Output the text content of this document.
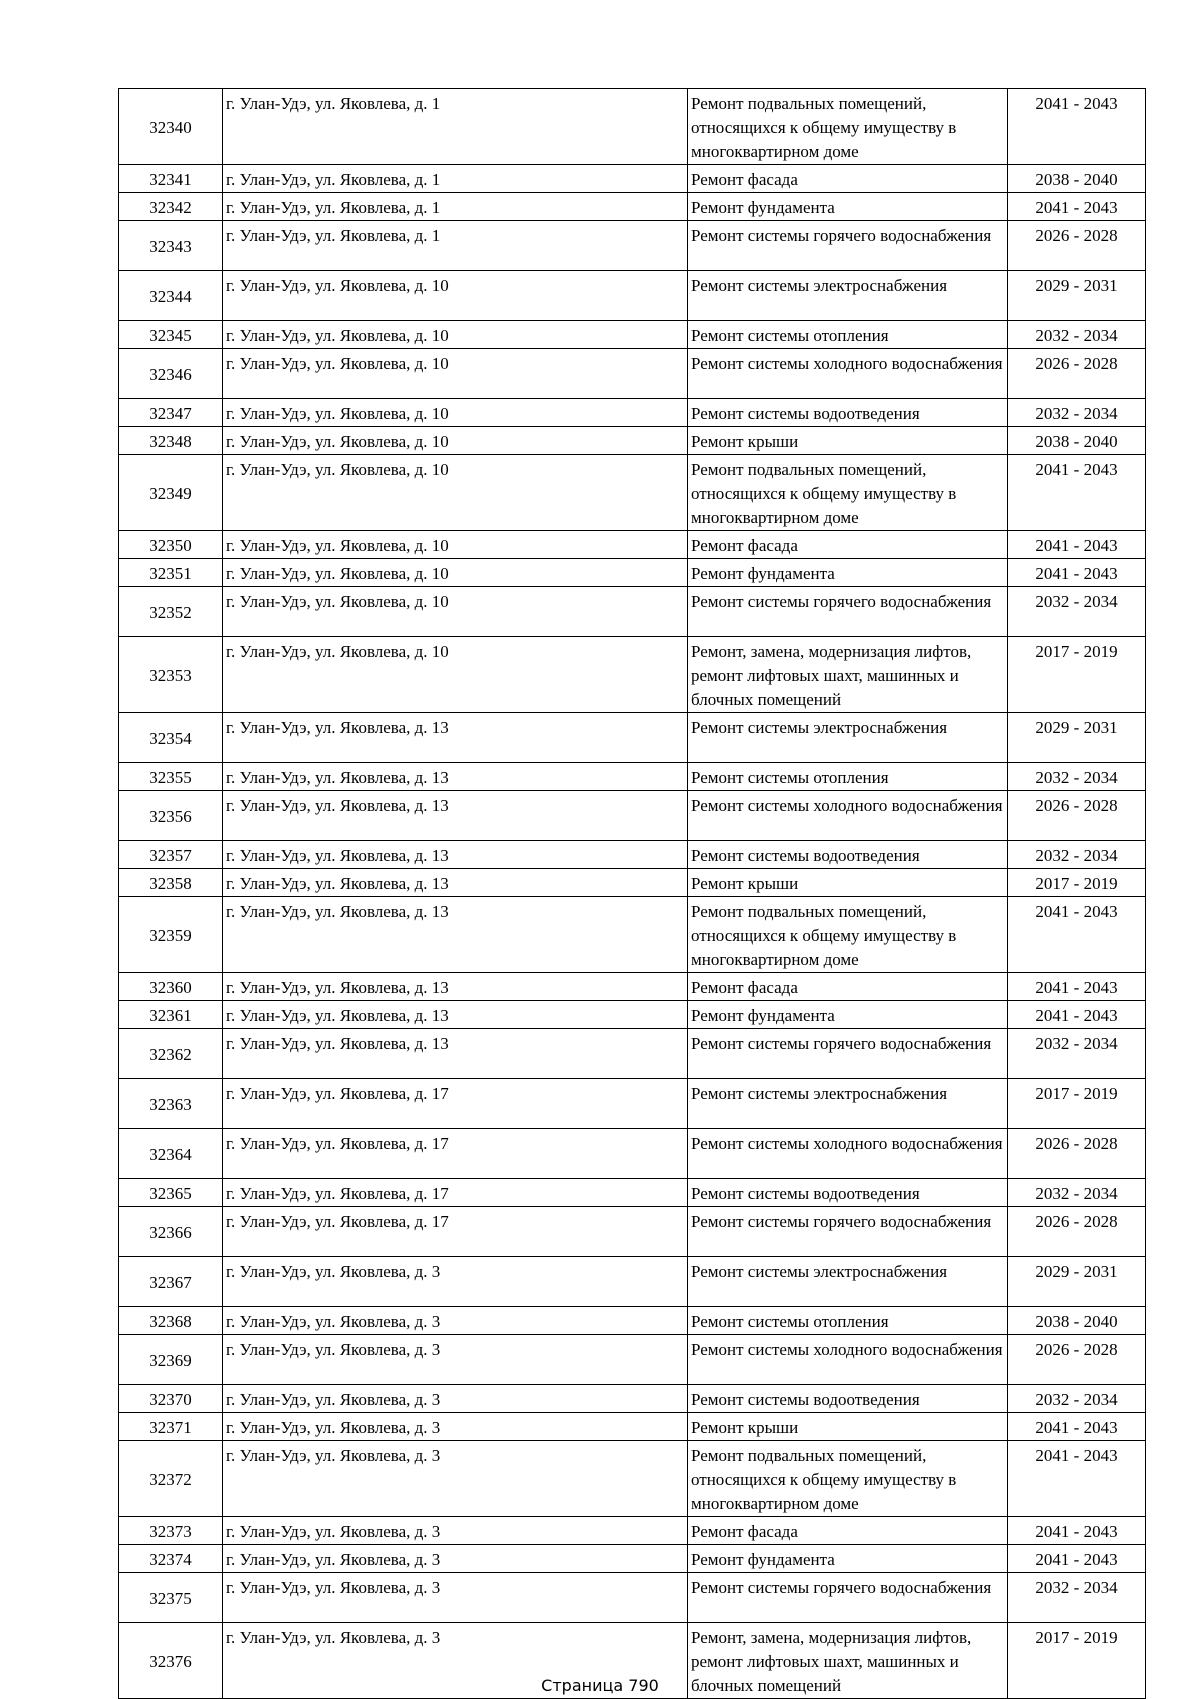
32340	г. Улан-Удэ, ул. Яковлева, д. 1	Ремонт подвальных помещений, относящихся к общему имуществу в многоквартирном доме	2041 - 2043
32341	г. Улан-Удэ, ул. Яковлева, д. 1	Ремонт фасада	2038 - 2040
32342	г. Улан-Удэ, ул. Яковлева, д. 1	Ремонт фундамента	2041 - 2043
32343	г. Улан-Удэ, ул. Яковлева, д. 1	Ремонт системы горячего водоснабжения	2026 - 2028
32344	г. Улан-Удэ, ул. Яковлева, д. 10	Ремонт системы электроснабжения	2029 - 2031
32345	г. Улан-Удэ, ул. Яковлева, д. 10	Ремонт системы отопления	2032 - 2034
32346	г. Улан-Удэ, ул. Яковлева, д. 10	Ремонт системы холодного водоснабжения	2026 - 2028
32347	г. Улан-Удэ, ул. Яковлева, д. 10	Ремонт системы водоотведения	2032 - 2034
32348	г. Улан-Удэ, ул. Яковлева, д. 10	Ремонт крыши	2038 - 2040
32349	г. Улан-Удэ, ул. Яковлева, д. 10	Ремонт подвальных помещений, относящихся к общему имуществу в многоквартирном доме	2041 - 2043
32350	г. Улан-Удэ, ул. Яковлева, д. 10	Ремонт фасада	2041 - 2043
32351	г. Улан-Удэ, ул. Яковлева, д. 10	Ремонт фундамента	2041 - 2043
32352	г. Улан-Удэ, ул. Яковлева, д. 10	Ремонт системы горячего водоснабжения	2032 - 2034
32353	г. Улан-Удэ, ул. Яковлева, д. 10	Ремонт, замена, модернизация лифтов, ремонт лифтовых шахт, машинных и блочных помещений	2017 - 2019
32354	г. Улан-Удэ, ул. Яковлева, д. 13	Ремонт системы электроснабжения	2029 - 2031
32355	г. Улан-Удэ, ул. Яковлева, д. 13	Ремонт системы отопления	2032 - 2034
32356	г. Улан-Удэ, ул. Яковлева, д. 13	Ремонт системы холодного водоснабжения	2026 - 2028
32357	г. Улан-Удэ, ул. Яковлева, д. 13	Ремонт системы водоотведения	2032 - 2034
32358	г. Улан-Удэ, ул. Яковлева, д. 13	Ремонт крыши	2017 - 2019
32359	г. Улан-Удэ, ул. Яковлева, д. 13	Ремонт подвальных помещений, относящихся к общему имуществу в многоквартирном доме	2041 - 2043
32360	г. Улан-Удэ, ул. Яковлева, д. 13	Ремонт фасада	2041 - 2043
32361	г. Улан-Удэ, ул. Яковлева, д. 13	Ремонт фундамента	2041 - 2043
32362	г. Улан-Удэ, ул. Яковлева, д. 13	Ремонт системы горячего водоснабжения	2032 - 2034
32363	г. Улан-Удэ, ул. Яковлева, д. 17	Ремонт системы электроснабжения	2017 - 2019
32364	г. Улан-Удэ, ул. Яковлева, д. 17	Ремонт системы холодного водоснабжения	2026 - 2028
32365	г. Улан-Удэ, ул. Яковлева, д. 17	Ремонт системы водоотведения	2032 - 2034
32366	г. Улан-Удэ, ул. Яковлева, д. 17	Ремонт системы горячего водоснабжения	2026 - 2028
32367	г. Улан-Удэ, ул. Яковлева, д. 3	Ремонт системы электроснабжения	2029 - 2031
32368	г. Улан-Удэ, ул. Яковлева, д. 3	Ремонт системы отопления	2038 - 2040
32369	г. Улан-Удэ, ул. Яковлева, д. 3	Ремонт системы холодного водоснабжения	2026 - 2028
32370	г. Улан-Удэ, ул. Яковлева, д. 3	Ремонт системы водоотведения	2032 - 2034
32371	г. Улан-Удэ, ул. Яковлева, д. 3	Ремонт крыши	2041 - 2043
32372	г. Улан-Удэ, ул. Яковлева, д. 3	Ремонт подвальных помещений, относящихся к общему имуществу в многоквартирном доме	2041 - 2043
32373	г. Улан-Удэ, ул. Яковлева, д. 3	Ремонт фасада	2041 - 2043
32374	г. Улан-Удэ, ул. Яковлева, д. 3	Ремонт фундамента	2041 - 2043
32375	г. Улан-Удэ, ул. Яковлева, д. 3	Ремонт системы горячего водоснабжения	2032 - 2034
32376	г. Улан-Удэ, ул. Яковлева, д. 3	Ремонт, замена, модернизация лифтов, ремонт лифтовых шахт, машинных и блочных помещений	2017 - 2019
Страница 790
